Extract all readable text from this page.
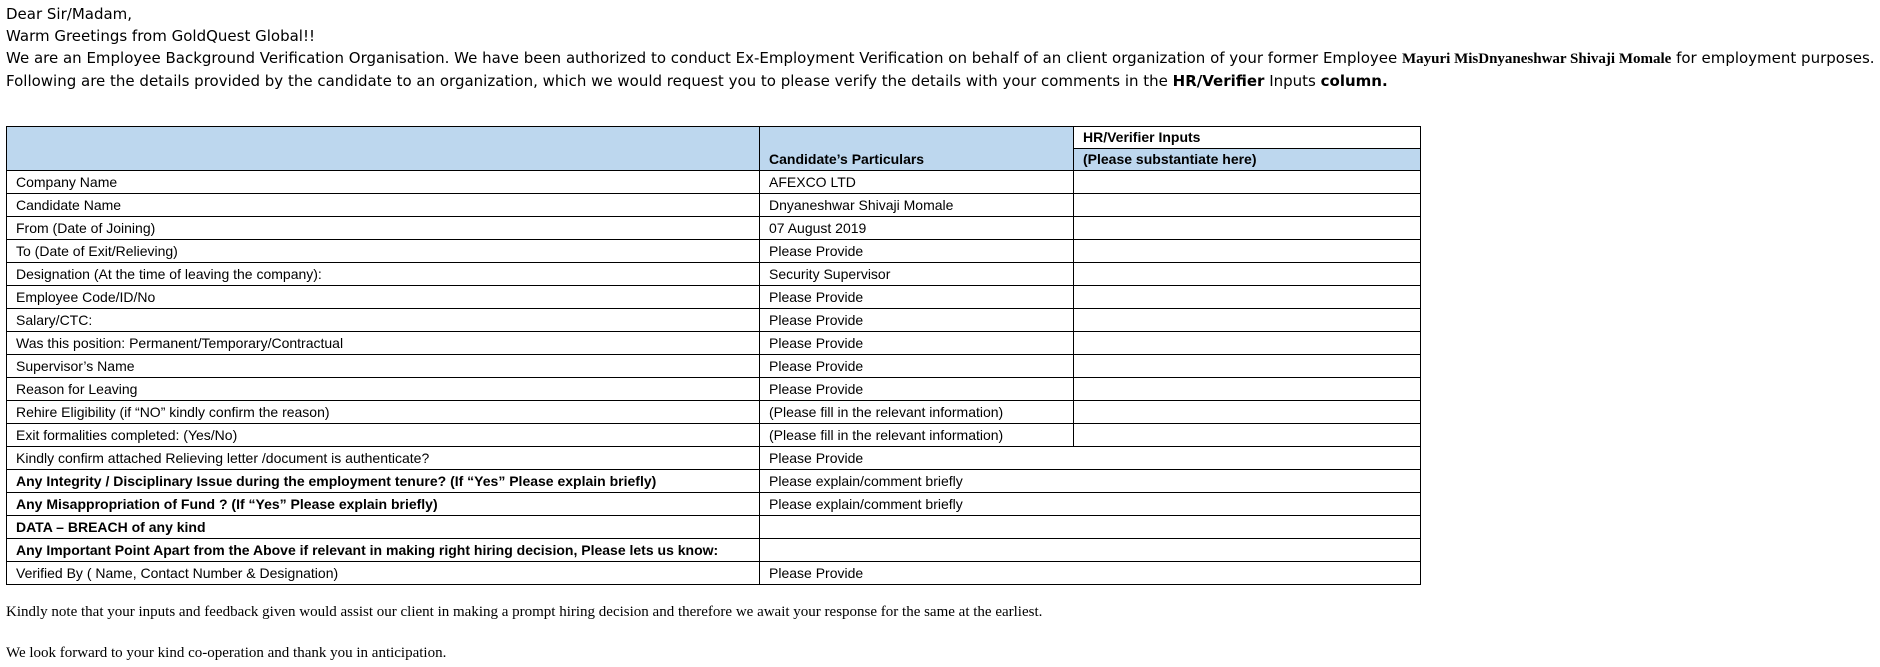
Dear Sir/Madam,
Warm Greetings from GoldQuest Global!!
We are an Employee Background Verification Organisation. We have been authorized to conduct Ex-Employment Verification on behalf of an client organization of your former Employee Mayuri MisDnyaneshwar Shivaji Momale for employment purposes.
Following are the details provided by the candidate to an organization, which we would request you to please verify the details with your comments in the HR/Verifier Inputs column.
		HR/Verifier Inputs
	Candidate’s Particulars	(Please substantiate here)
Company Name	AFEXCO LTD	
Candidate Name	Dnyaneshwar Shivaji Momale	
From (Date of Joining)	07 August 2019	
To (Date of Exit/Relieving)	Please Provide	
Designation (At the time of leaving the company):	Security Supervisor	
Employee Code/ID/No	Please Provide	
Salary/CTC:	Please Provide	
Was this position: Permanent/Temporary/Contractual	Please Provide	
Supervisor’s Name	Please Provide	
Reason for Leaving	Please Provide	
Rehire Eligibility (if “NO” kindly confirm the reason)	(Please fill in the relevant information)	
Exit formalities completed: (Yes/No)	(Please fill in the relevant information)	
Kindly confirm attached Relieving letter /document is authenticate?	Please Provide	
Any Integrity / Disciplinary Issue during the employment tenure? (If “Yes” Please explain briefly)	Please explain/comment briefly	
Any Misappropriation of Fund ? (If “Yes” Please explain briefly)	Please explain/comment briefly	
DATA – BREACH of any kind		
Any Important Point Apart from the Above if relevant in making right hiring decision, Please lets us know:		
Verified By ( Name, Contact Number & Designation)	Please Provide	
Kindly note that your inputs and feedback given would assist our client in making a prompt hiring decision and therefore we await your response for the same at the earliest.
We look forward to your kind co-operation and thank you in anticipation.
